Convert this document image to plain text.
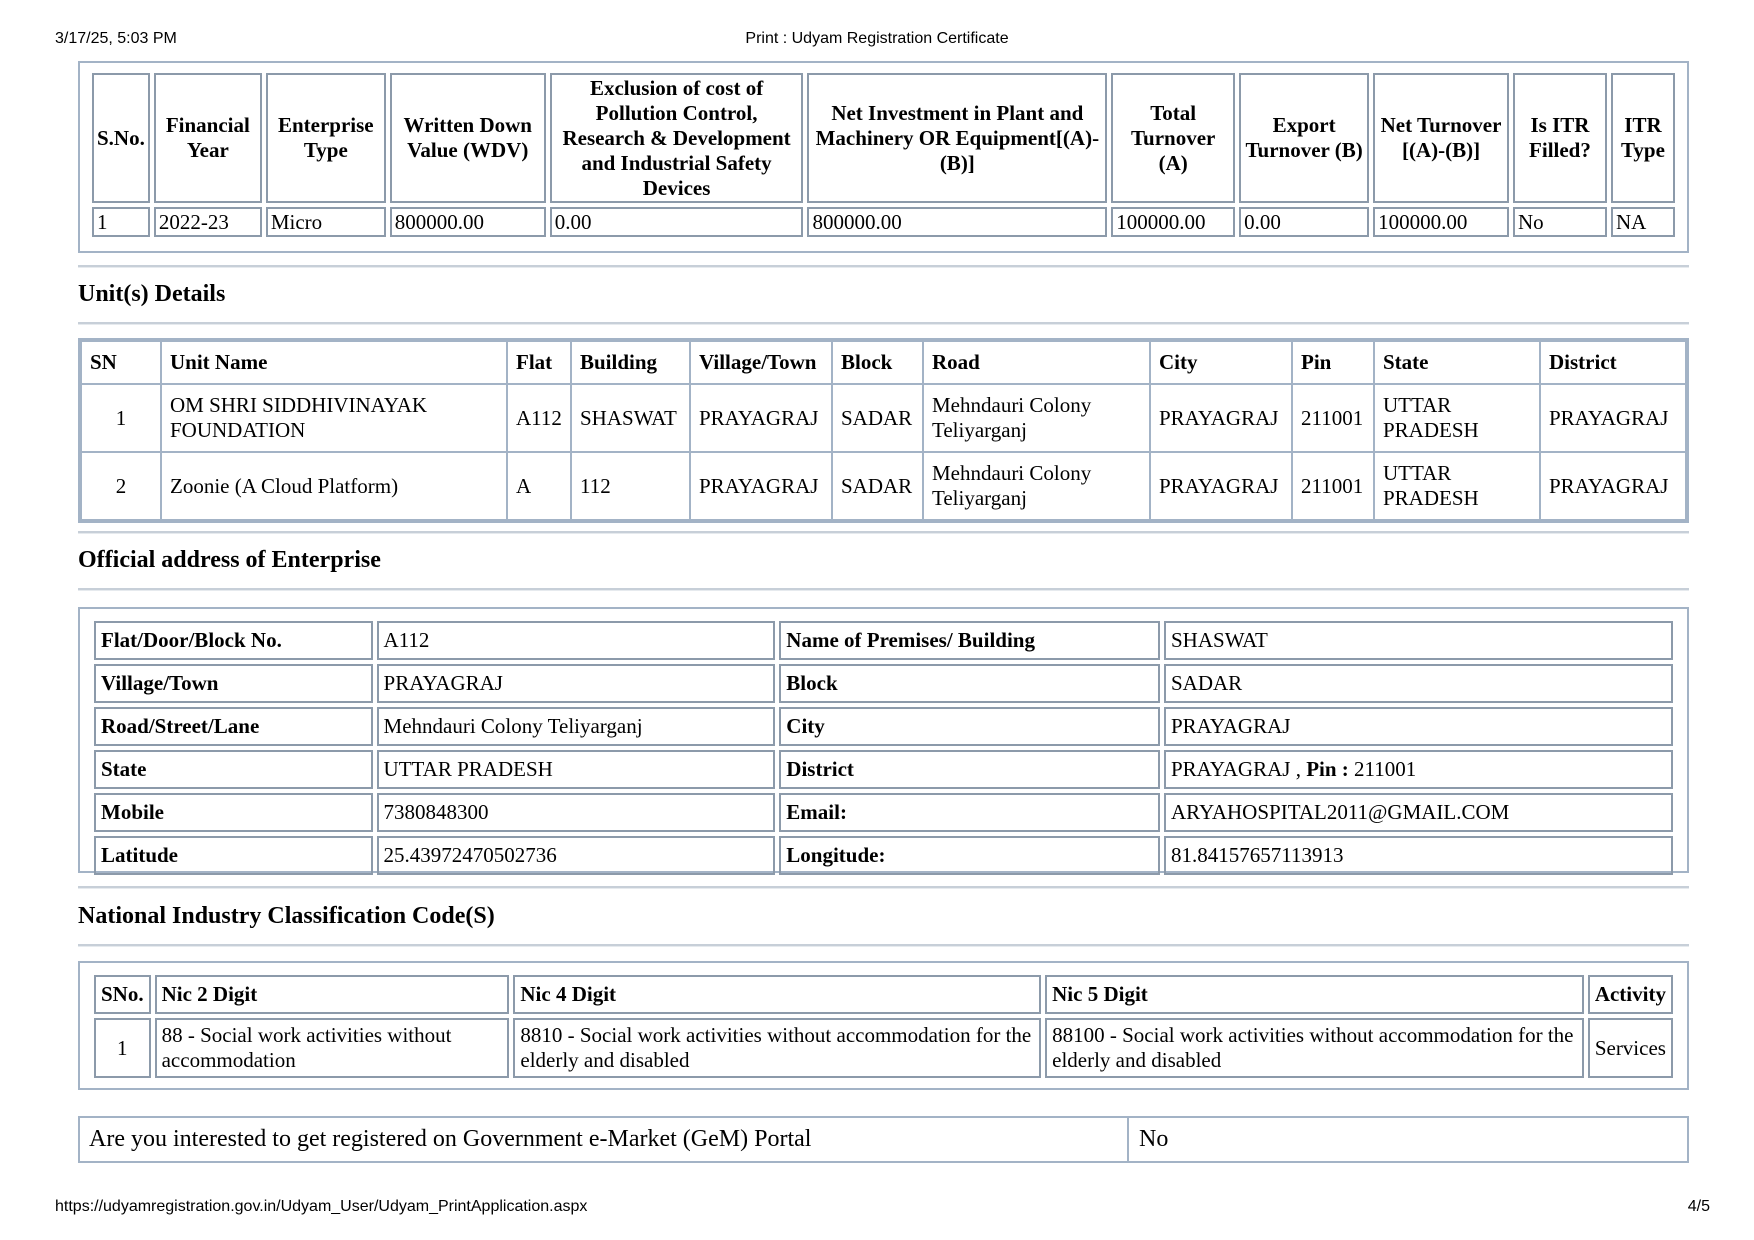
3/17/25, 5:03 PM	Print : Udyam Registration Certificate
S.No.	Financial Year	Enterprise Type	Written Down Value (WDV)	Exclusion of cost of Pollution Control, Research & Development and Industrial Safety Devices	Net Investment in Plant and Machinery OR Equipment[(A)-(B)]	Total Turnover (A)	Export Turnover (B)	Net Turnover [(A)-(B)]	Is ITR Filled?	ITR Type
1	2022-23	Micro	800000.00	0.00	800000.00	100000.00	0.00	100000.00	No	NA
Unit(s) Details
SN	Unit Name	Flat	Building	Village/Town	Block	Road	City	Pin	State	District
1	OM SHRI SIDDHIVINAYAK FOUNDATION	A112	SHASWAT	PRAYAGRAJ	SADAR	Mehndauri Colony Teliyarganj	PRAYAGRAJ	211001	UTTAR PRADESH	PRAYAGRAJ
2	Zoonie (A Cloud Platform)	A	112	PRAYAGRAJ	SADAR	Mehndauri Colony Teliyarganj	PRAYAGRAJ	211001	UTTAR PRADESH	PRAYAGRAJ
Official address of Enterprise
Flat/Door/Block No.	A112	Name of Premises/ Building	SHASWAT
Village/Town	PRAYAGRAJ	Block	SADAR
Road/Street/Lane	Mehndauri Colony Teliyarganj	City	PRAYAGRAJ
State	UTTAR PRADESH	District	PRAYAGRAJ , Pin : 211001
Mobile	7380848300	Email:	ARYAHOSPITAL2011@GMAIL.COM
Latitude	25.43972470502736	Longitude:	81.84157657113913
National Industry Classification Code(S)
SNo.	Nic 2 Digit	Nic 4 Digit	Nic 5 Digit	Activity
1	88 - Social work activities without accommodation	8810 - Social work activities without accommodation for the elderly and disabled	88100 - Social work activities without accommodation for the elderly and disabled	Services
Are you interested to get registered on Government e-Market (GeM) Portal	No
https://udyamregistration.gov.in/Udyam_User/Udyam_PrintApplication.aspx	4/5
